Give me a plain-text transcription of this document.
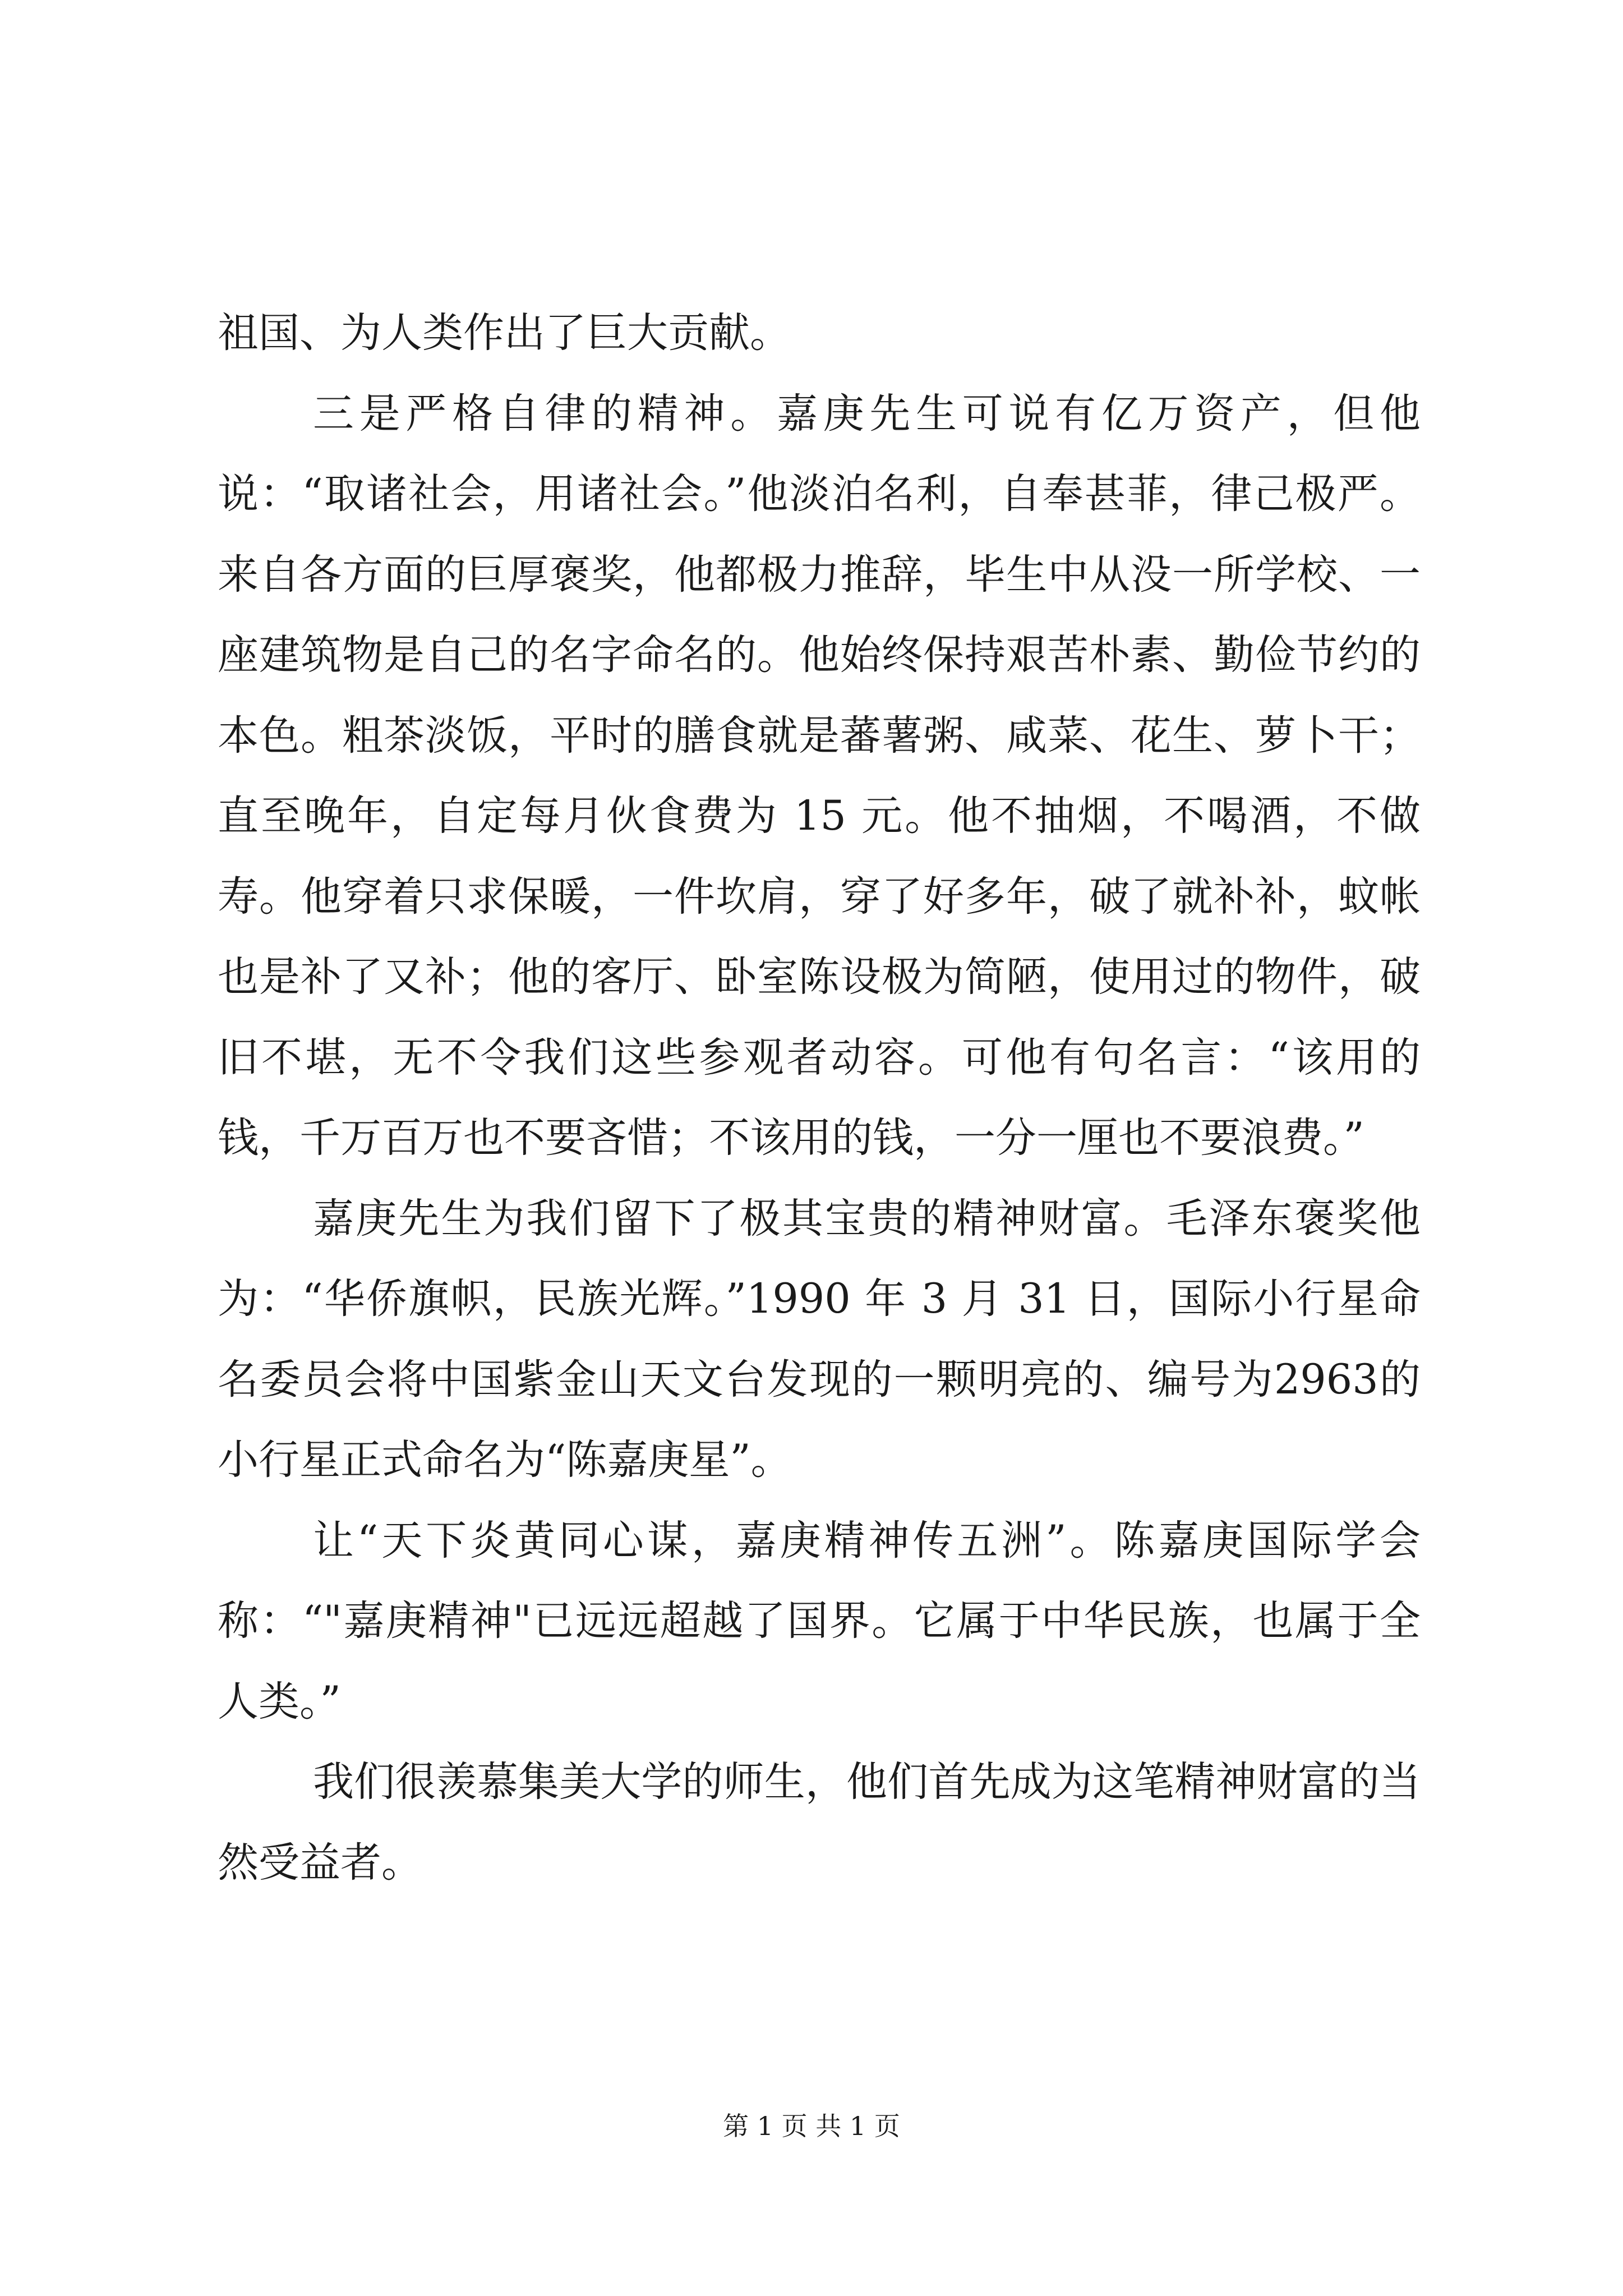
祖国、为人类作出了巨大贡献。

三是严格自律的精神。嘉庚先生可说有亿万资产，但他说：“取诸社会，用诸社会。”他淡泊名利，自奉甚菲，律己极严。来自各方面的巨厚褒奖，他都极力推辞，毕生中从没一所学校、一座建筑物是自己的名字命名的。他始终保持艰苦朴素、勤俭节约的本色。粗茶淡饭，平时的膳食就是蕃薯粥、咸菜、花生、萝卜干；直至晚年，自定每月伙食费为 15 元。他不抽烟，不喝酒，不做寿。他穿着只求保暖，一件坎肩，穿了好多年，破了就补补，蚊帐也是补了又补；他的客厅、卧室陈设极为简陋，使用过的物件，破旧不堪，无不令我们这些参观者动容。可他有句名言：“该用的钱，千万百万也不要吝惜；不该用的钱，一分一厘也不要浪费。”

嘉庚先生为我们留下了极其宝贵的精神财富。毛泽东褒奖他为：“华侨旗帜，民族光辉。”1990 年 3 月 31 日，国际小行星命名委员会将中国紫金山天文台发现的一颗明亮的、编号为2963的小行星正式命名为“陈嘉庚星”。

让“天下炎黄同心谋，嘉庚精神传五洲”。陈嘉庚国际学会称：“"嘉庚精神"已远远超越了国界。它属于中华民族，也属于全人类。”

我们很羡慕集美大学的师生，他们首先成为这笔精神财富的当然受益者。

第 1 页 共 1 页
